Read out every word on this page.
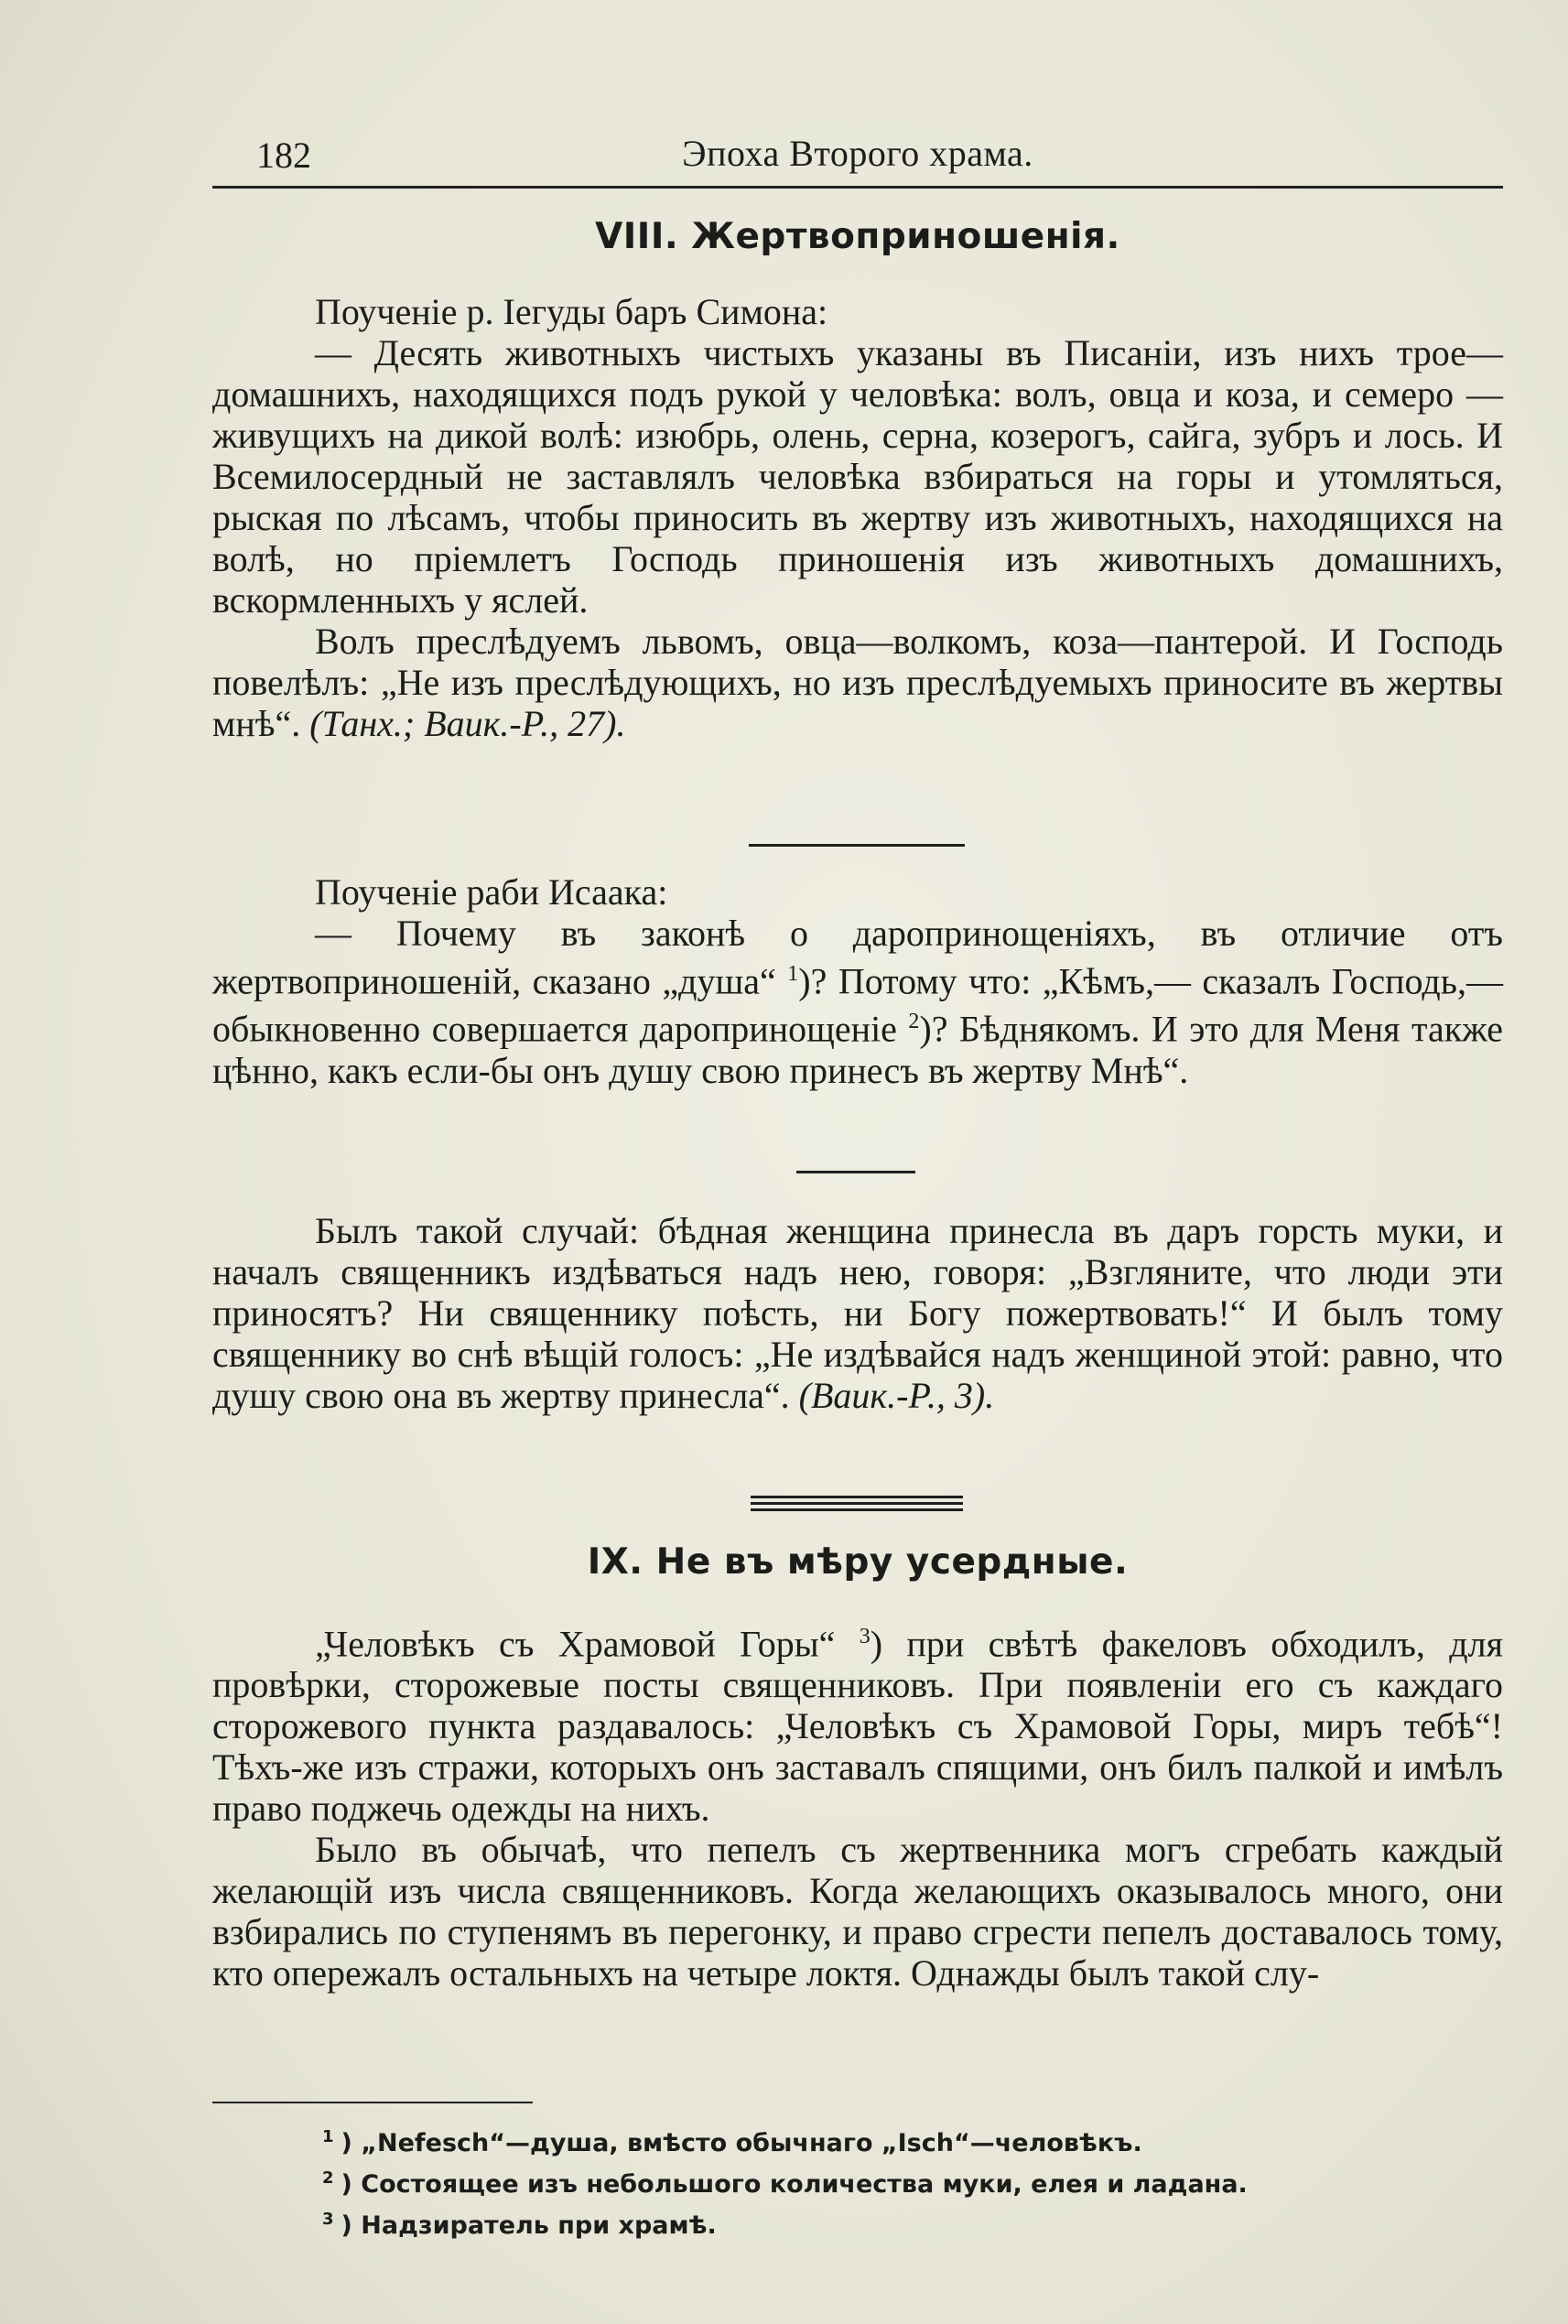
182	Эпоха Второго храма.
VIII. Жертвоприношенія.

Поученіе р. Іегуды баръ Симона:

— Десять животныхъ чистыхъ указаны въ Писаніи, изъ нихъ трое—домашнихъ, находящихся подъ рукой у человѣка: волъ, овца и коза, и семеро — живущихъ на дикой волѣ: изюбрь, олень, серна, козерогъ, сайга, зубръ и лось. И Всемилосердный не заставлялъ человѣка взбираться на горы и утомляться, рыская по лѣсамъ, чтобы приносить въ жертву изъ животныхъ, находящихся на волѣ, но пріемлетъ Господь приношенія изъ животныхъ домашнихъ, вскормленныхъ у яслей.

Волъ преслѣдуемъ львомъ, овца—волкомъ, коза—пантерой. И Господь повелѣлъ: „Не изъ преслѣдующихъ, но изъ преслѣдуемыхъ приносите въ жертвы мнѣ“. (Танх.; Ваик.-Р., 27).

Поученіе раби Исаака:

— Почему въ законѣ о даропринощеніяхъ, въ отличие отъ жертвоприношеній, сказано „душа“ $^1$)? Потому что: „Кѣмъ,— сказалъ Господь,—обыкновенно совершается даропринощеніе $^2$)? Бѣднякомъ. И это для Меня также цѣнно, какъ если-бы онъ душу свою принесъ въ жертву Мнѣ“.

Былъ такой случай: бѣдная женщина принесла въ даръ горсть муки, и началъ священникъ издѣваться надъ нею, говоря: „Взгляните, что люди эти приносятъ? Ни священнику поѣсть, ни Богу пожертвовать!“ И былъ тому священнику во снѣ вѣщій голосъ: „Не издѣвайся надъ женщиной этой: равно, что душу свою она въ жертву принесла“. (Ваик.-Р., 3).

IX. Не въ мѣру усердные.

„Человѣкъ съ Храмовой Горы“ $^3$) при свѣтѣ факеловъ обходилъ, для провѣрки, сторожевые посты священниковъ. При появленіи его съ каждаго сторожевого пункта раздавалось: „Человѣкъ съ Храмовой Горы, миръ тебѣ“! Тѣхъ-же изъ стражи, которыхъ онъ заставалъ спящими, онъ билъ палкой и имѣлъ право поджечь одежды на нихъ.

Было въ обычаѣ, что пепелъ съ жертвенника могъ сгребать каждый желающій изъ числа священниковъ. Когда желающихъ оказывалось много, они взбирались по ступенямъ въ перегонку, и право сгрести пепелъ доставалось тому, кто опережалъ остальныхъ на четыре локтя. Однажды былъ такой слу-

$^1$ ) „Nefesch“—душа, вмѣсто обычнаго „Isch“—человѣкъ.
$^2$ ) Состоящее изъ небольшого количества муки, елея и ладана.
$^3$ ) Надзиратель при храмѣ.
